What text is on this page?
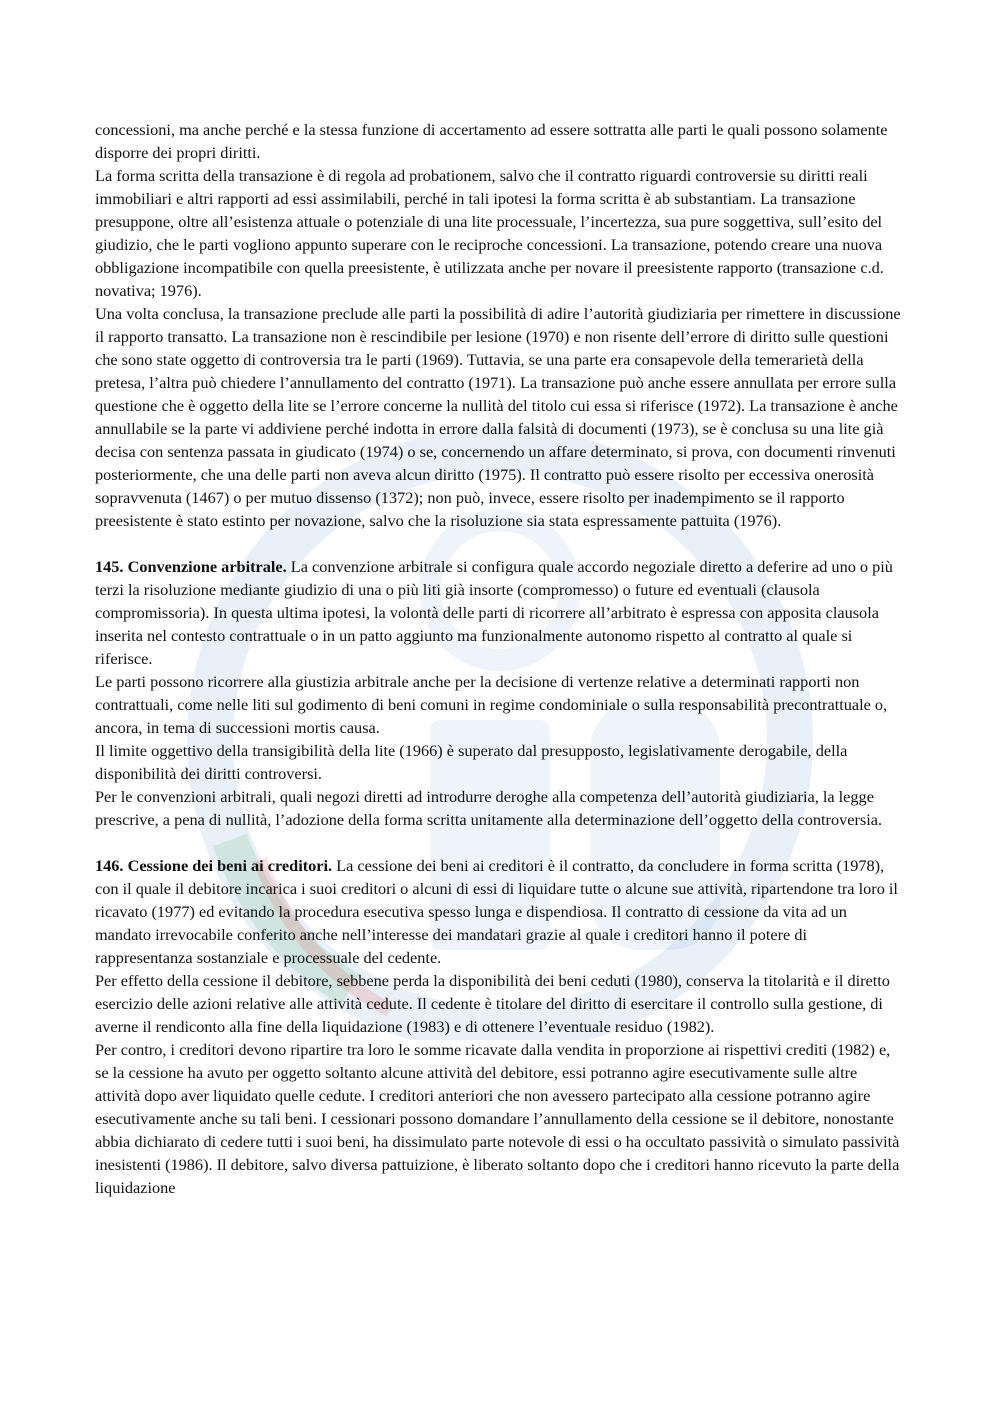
concessioni, ma anche perché e la stessa funzione di accertamento ad essere sottratta alle parti le quali possono solamente disporre dei propri diritti.

La forma scritta della transazione è di regola ad probationem, salvo che il contratto riguardi controversie su diritti reali immobiliari e altri rapporti ad essi assimilabili, perché in tali ipotesi la forma scritta è ab substantiam. La transazione presuppone, oltre all’esistenza attuale o potenziale di una lite processuale, l’incertezza, sua pure soggettiva, sull’esito del giudizio, che le parti vogliono appunto superare con le reciproche concessioni. La transazione, potendo creare una nuova obbligazione incompatibile con quella preesistente, è utilizzata anche per novare il preesistente rapporto (transazione c.d. novativa; 1976).

Una volta conclusa, la transazione preclude alle parti la possibilità di adire l’autorità giudiziaria per rimettere in discussione il rapporto transatto. La transazione non è rescindibile per lesione (1970) e non risente dell’errore di diritto sulle questioni che sono state oggetto di controversia tra le parti (1969). Tuttavia, se una parte era consapevole della temerarietà della pretesa, l’altra può chiedere l’annullamento del contratto (1971). La transazione può anche essere annullata per errore sulla questione che è oggetto della lite se l’errore concerne la nullità del titolo cui essa si riferisce (1972). La transazione è anche annullabile se la parte vi addiviene perché indotta in errore dalla falsità di documenti (1973), se è conclusa su una lite già decisa con sentenza passata in giudicato (1974) o se, concernendo un affare determinato, si prova, con documenti rinvenuti posteriormente, che una delle parti non aveva alcun diritto (1975). Il contratto può essere risolto per eccessiva onerosità sopravvenuta (1467) o per mutuo dissenso (1372); non può, invece, essere risolto per inadempimento se il rapporto preesistente è stato estinto per novazione, salvo che la risoluzione sia stata espressamente pattuita (1976).

145. Convenzione arbitrale. La convenzione arbitrale si configura quale accordo negoziale diretto a deferire ad uno o più terzi la risoluzione mediante giudizio di una o più liti già insorte (compromesso) o future ed eventuali (clausola compromissoria). In questa ultima ipotesi, la volontà delle parti di ricorrere all’arbitrato è espressa con apposita clausola inserita nel contesto contrattuale o in un patto aggiunto ma funzionalmente autonomo rispetto al contratto al quale si riferisce.

Le parti possono ricorrere alla giustizia arbitrale anche per la decisione di vertenze relative a determinati rapporti non contrattuali, come nelle liti sul godimento di beni comuni in regime condominiale o sulla responsabilità precontrattuale o, ancora, in tema di successioni mortis causa.

Il limite oggettivo della transigibilità della lite (1966) è superato dal presupposto, legislativamente derogabile, della disponibilità dei diritti controversi.

Per le convenzioni arbitrali, quali negozi diretti ad introdurre deroghe alla competenza dell’autorità giudiziaria, la legge prescrive, a pena di nullità, l’adozione della forma scritta unitamente alla determinazione dell’oggetto della controversia.

146. Cessione dei beni ai creditori. La cessione dei beni ai creditori è il contratto, da concludere in forma scritta (1978), con il quale il debitore incarica i suoi creditori o alcuni di essi di liquidare tutte o alcune sue attività, ripartendone tra loro il ricavato (1977) ed evitando la procedura esecutiva spesso lunga e dispendiosa. Il contratto di cessione da vita ad un mandato irrevocabile conferito anche nell’interesse dei mandatari grazie al quale i creditori hanno il potere di rappresentanza sostanziale e processuale del cedente.

Per effetto della cessione il debitore, sebbene perda la disponibilità dei beni ceduti (1980), conserva la titolarità e il diretto esercizio delle azioni relative alle attività cedute. Il cedente è titolare del diritto di esercitare il controllo sulla gestione, di averne il rendiconto alla fine della liquidazione (1983) e di ottenere l’eventuale residuo (1982).

Per contro, i creditori devono ripartire tra loro le somme ricavate dalla vendita in proporzione ai rispettivi crediti (1982) e, se la cessione ha avuto per oggetto soltanto alcune attività del debitore, essi potranno agire esecutivamente sulle altre attività dopo aver liquidato quelle cedute. I creditori anteriori che non avessero partecipato alla cessione potranno agire esecutivamente anche su tali beni. I cessionari possono domandare l’annullamento della cessione se il debitore, nonostante abbia dichiarato di cedere tutti i suoi beni, ha dissimulato parte notevole di essi o ha occultato passività o simulato passività inesistenti (1986). Il debitore, salvo diversa pattuizione, è liberato soltanto dopo che i creditori hanno ricevuto la parte della liquidazione
